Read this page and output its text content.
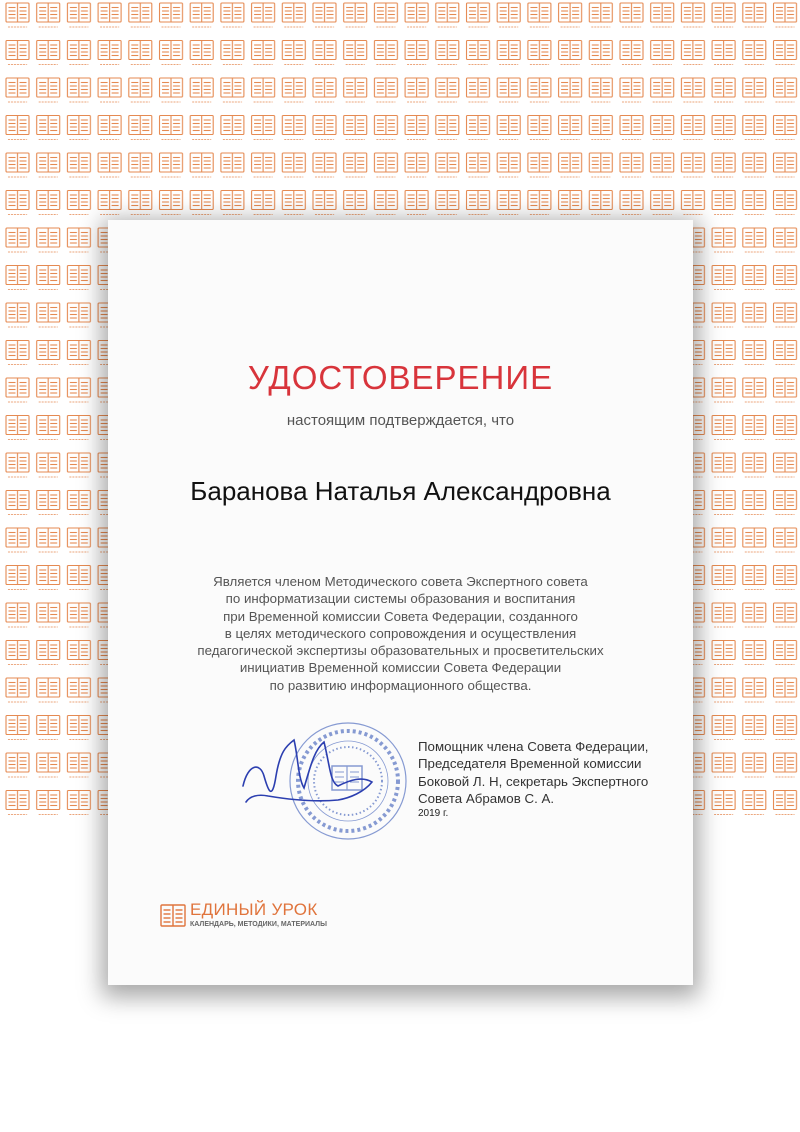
УДОСТОВЕРЕНИЕ
настоящим подтверждается, что
Баранова Наталья Александровна
Является членом Методического совета Экспертного совета
по информатизации системы образования и воспитания
при Временной комиссии Совета Федерации, созданного
в целях методического сопровождения и осуществления
педагогической экспертизы образовательных и просветительских
инициатив Временной комиссии Совета Федерации
по развитию информационного общества.
Помощник члена Совета Федерации,
Председателя Временной комиссии
Боковой Л. Н, секретарь Экспертного
Совета Абрамов С. А.
2019 г.
ЕДИНЫЙ УРОК
КАЛЕНДАРЬ, МЕТОДИКИ, МАТЕРИАЛЫ
